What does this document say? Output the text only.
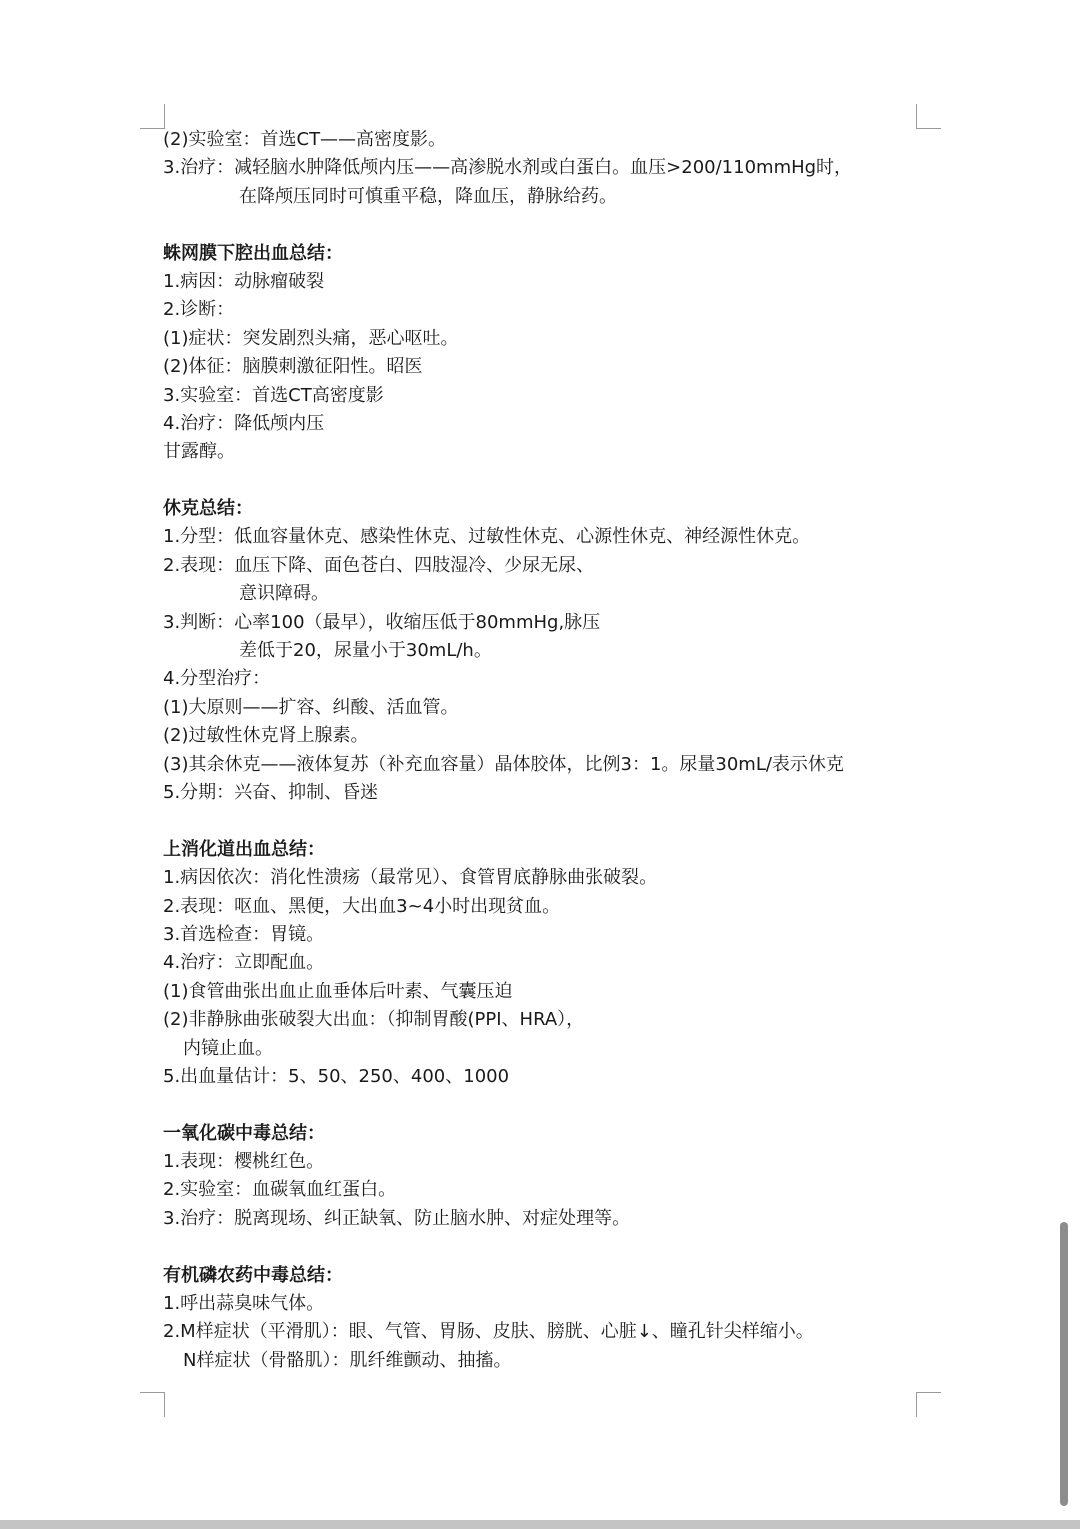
(2)实验室：首选CT——高密度影。
3.治疗：减轻脑水肿降低颅内压——高渗脱水剂或白蛋白。血压>200/110mmHg时，
在降颅压同时可慎重平稳，降血压，静脉给药。
蛛网膜下腔出血总结：
1.病因：动脉瘤破裂
2.诊断：
(1)症状：突发剧烈头痛，恶心呕吐。
(2)体征：脑膜刺激征阳性。昭医
3.实验室：首选CT高密度影
4.治疗：降低颅内压
甘露醇。
休克总结：
1.分型：低血容量休克、感染性休克、过敏性休克、心源性休克、神经源性休克。
2.表现：血压下降、面色苍白、四肢湿冷、少尿无尿、
意识障碍。
3.判断：心率100（最早），收缩压低于80mmHg,脉压
差低于20，尿量小于30mL/h。
4.分型治疗：
(1)大原则——扩容、纠酸、活血管。
(2)过敏性休克肾上腺素。
(3)其余休克——液体复苏（补充血容量）晶体胶体，比例3：1。尿量30mL/表示休克
5.分期：兴奋、抑制、昏迷
上消化道出血总结：
1.病因依次：消化性溃疡（最常见）、食管胃底静脉曲张破裂。
2.表现：呕血、黑便，大出血3~4小时出现贫血。
3.首选检查：胃镜。
4.治疗：立即配血。
(1)食管曲张出血止血垂体后叶素、气囊压迫
(2)非静脉曲张破裂大出血：（抑制胃酸(PPI、HRA），
内镜止血。
5.出血量估计：5、50、250、400、1000
一氧化碳中毒总结：
1.表现：樱桃红色。
2.实验室：血碳氧血红蛋白。
3.治疗：脱离现场、纠正缺氧、防止脑水肿、对症处理等。
有机磷农药中毒总结：
1.呼出蒜臭味气体。
2.M样症状（平滑肌）：眼、气管、胃肠、皮肤、膀胱、心脏↓、瞳孔针尖样缩小。
N样症状（骨骼肌）：肌纤维颤动、抽搐。
